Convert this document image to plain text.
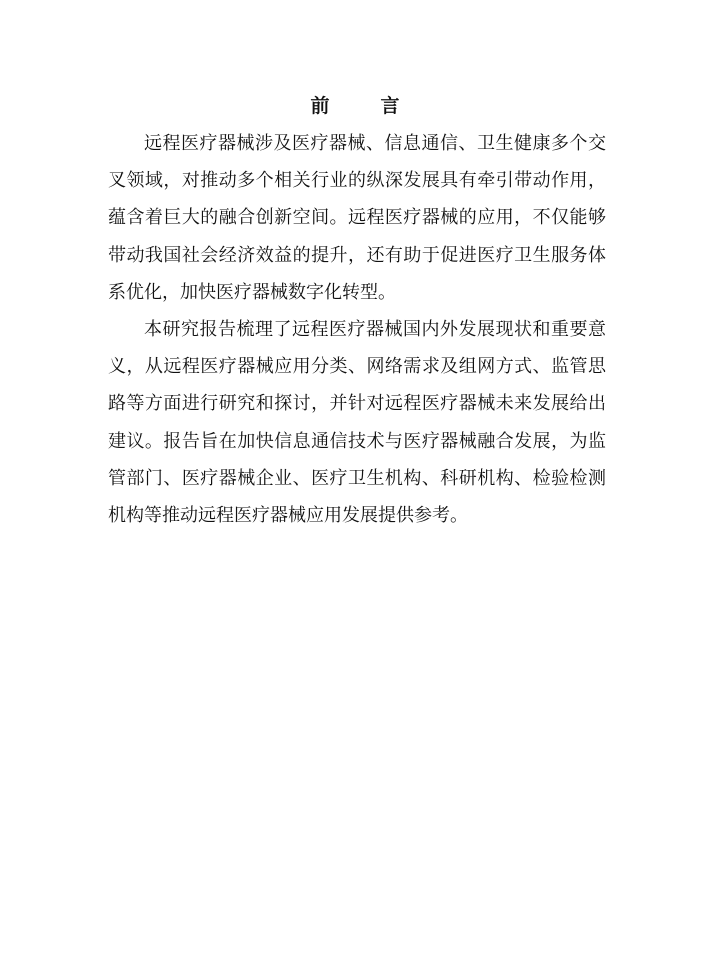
前　言

远程医疗器械涉及医疗器械、信息通信、卫生健康多个交叉领域，对推动多个相关行业的纵深发展具有牵引带动作用，蕴含着巨大的融合创新空间。远程医疗器械的应用，不仅能够带动我国社会经济效益的提升，还有助于促进医疗卫生服务体系优化，加快医疗器械数字化转型。

本研究报告梳理了远程医疗器械国内外发展现状和重要意义，从远程医疗器械应用分类、网络需求及组网方式、监管思路等方面进行研究和探讨，并针对远程医疗器械未来发展给出建议。报告旨在加快信息通信技术与医疗器械融合发展，为监管部门、医疗器械企业、医疗卫生机构、科研机构、检验检测机构等推动远程医疗器械应用发展提供参考。
